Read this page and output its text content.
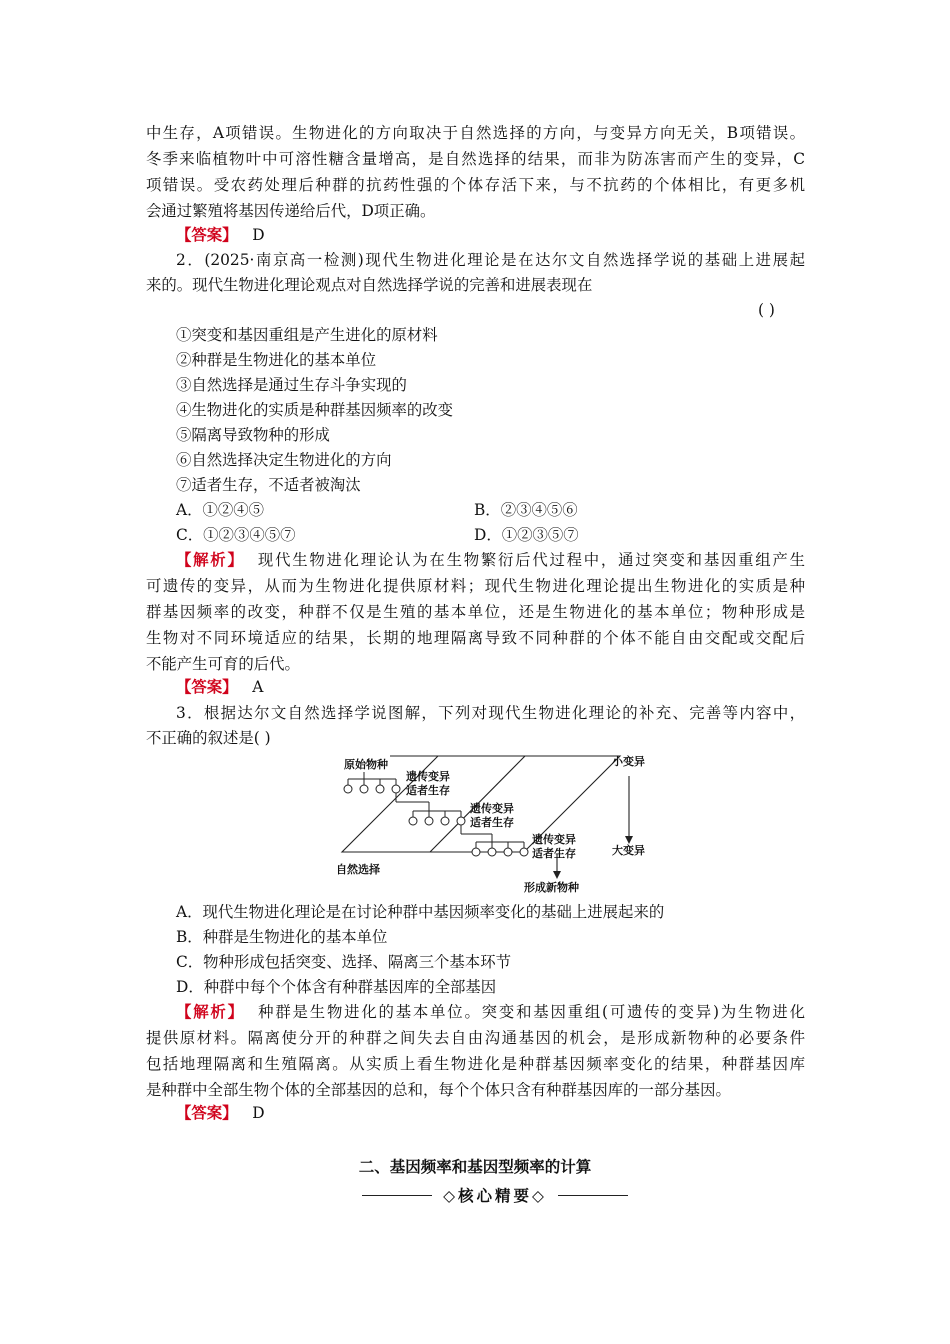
中生存，A项错误。生物进化的方向取决于自然选择的方向，与变异方向无关，B项错误。
冬季来临植物叶中可溶性糖含量增高，是自然选择的结果，而非为防冻害而产生的变异，C
项错误。受农药处理后种群的抗药性强的个体存活下来，与不抗药的个体相比，有更多机
会通过繁殖将基因传递给后代，D项正确。
【答案】 D
2．(2025·南京高一检测)现代生物进化理论是在达尔文自然选择学说的基础上进展起
来的。现代生物进化理论观点对自然选择学说的完善和进展表现在
( )
①突变和基因重组是产生进化的原材料
②种群是生物进化的基本单位
③自然选择是通过生存斗争实现的
④生物进化的实质是种群基因频率的改变
⑤隔离导致物种的形成
⑥自然选择决定生物进化的方向
⑦适者生存，不适者被淘汰
A．①②④⑤	B．②③④⑤⑥
C．①②③④⑤⑦	D．①②③⑤⑦
【解析】 现代生物进化理论认为在生物繁衍后代过程中，通过突变和基因重组产生
可遗传的变异，从而为生物进化提供原材料；现代生物进化理论提出生物进化的实质是种
群基因频率的改变，种群不仅是生殖的基本单位，还是生物进化的基本单位；物种形成是
生物对不同环境适应的结果，长期的地理隔离导致不同种群的个体不能自由交配或交配后
不能产生可育的后代。
【答案】 A
3．根据达尔文自然选择学说图解，下列对现代生物进化理论的补充、完善等内容中，
不正确的叙述是( )
原始物种
遗传变异
适者生存
遗传变异
适者生存
遗传变异
适者生存
自然选择
小变异
大变异
形成新物种
A．现代生物进化理论是在讨论种群中基因频率变化的基础上进展起来的
B．种群是生物进化的基本单位
C．物种形成包括突变、选择、隔离三个基本环节
D．种群中每个个体含有种群基因库的全部基因
【解析】 种群是生物进化的基本单位。突变和基因重组(可遗传的变异)为生物进化
提供原材料。隔离使分开的种群之间失去自由沟通基因的机会，是形成新物种的必要条件
包括地理隔离和生殖隔离。从实质上看生物进化是种群基因频率变化的结果，种群基因库
是种群中全部生物个体的全部基因的总和，每个个体只含有种群基因库的一部分基因。
【答案】 D
二、基因频率和基因型频率的计算
◇核心精要◇
